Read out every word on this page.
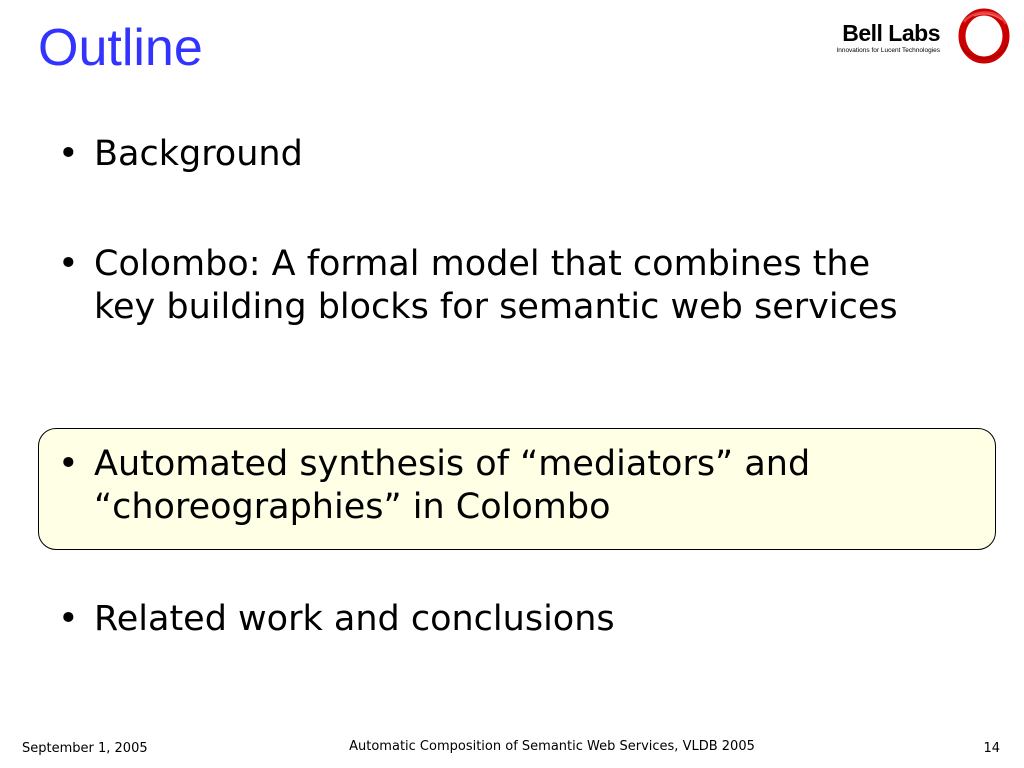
Outline	Bell Labs
Innovations for Lucent Technologies
• Background
• Colombo: A formal model that combines the key building blocks for semantic web services
• Automated synthesis of “mediators” and “choreographies” in Colombo
• Related work and conclusions
September 1, 2005	Automatic Composition of Semantic Web Services, VLDB 2005	14
